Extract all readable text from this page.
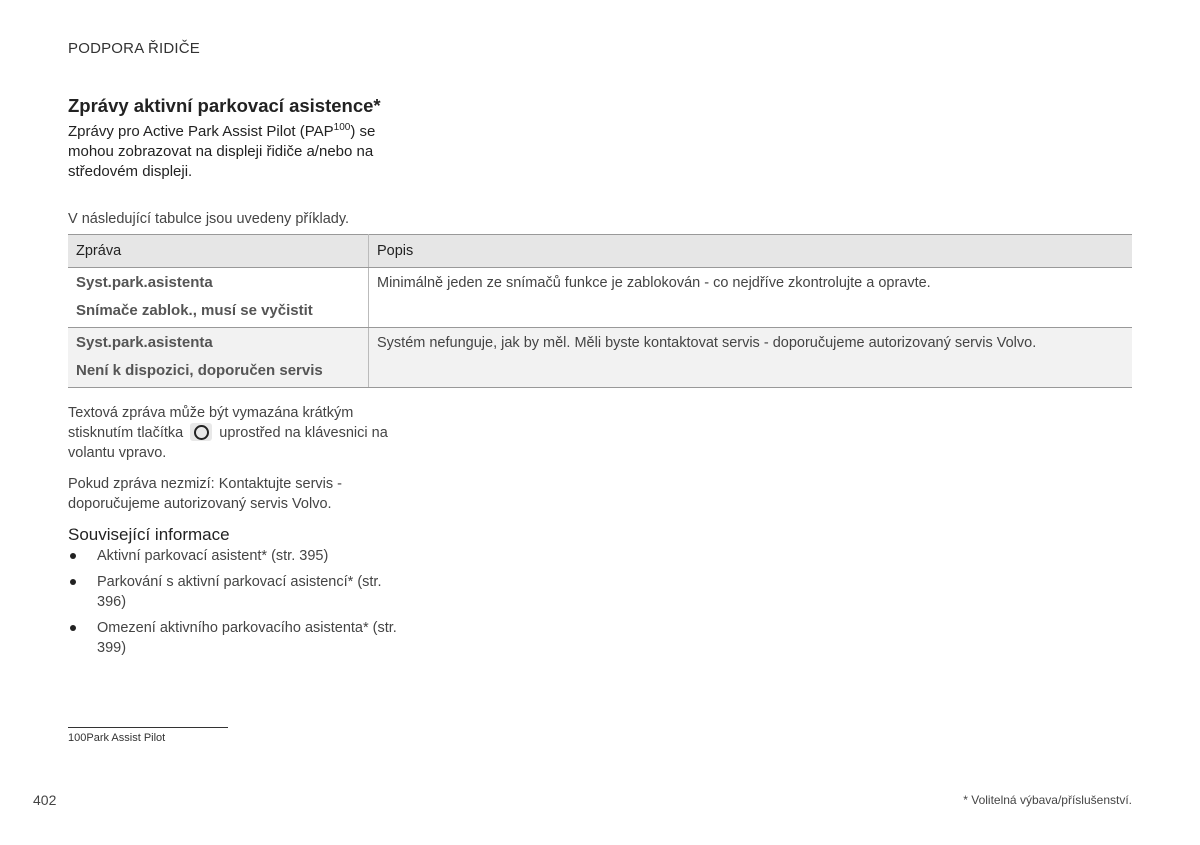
PODPORA ŘIDIČE
Zprávy aktivní parkovací asistence*

Zprávy pro Active Park Assist Pilot (PAP$^{100}$) se mohou zobrazovat na displeji řidiče a/nebo na středovém displeji.

V následující tabulce jsou uvedeny příklady.
Zpráva	Popis

Syst.park.asistenta
Snímače zablok., musí se vyčistit	Minimálně jeden ze snímačů funkce je zablokován - co nejdříve zkontrolujte a opravte.

Syst.park.asistenta
Není k dispozici, doporučen servis	Systém nefunguje, jak by měl. Měli byste kontaktovat servis - doporučujeme autorizovaný servis Volvo.

Textová zpráva může být vymazána krátkým stisknutím tlačítka uprostřed na klávesnici na volantu vpravo.

Pokud zpráva nezmizí: Kontaktujte servis - doporučujeme autorizovaný servis Volvo.

Související informace
Aktivní parkovací asistent* (str. 395)
Parkování s aktivní parkovací asistencí* (str. 396)
Omezení aktivního parkovacího asistenta* (str. 399)
100Park Assist Pilot
402	* Volitelná výbava/příslušenství.
